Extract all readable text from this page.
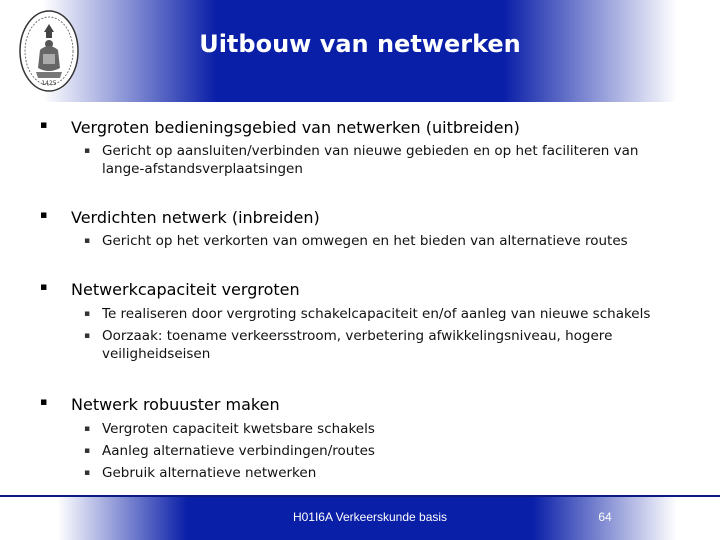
1425
Uitbouw van netwerken
▪ Vergroten bedieningsgebied van netwerken (uitbreiden)
▪ Gericht op aansluiten/verbinden van nieuwe gebieden en op het faciliteren van lange-afstandsverplaatsingen
▪ Verdichten netwerk (inbreiden)
▪ Gericht op het verkorten van omwegen en het bieden van alternatieve routes
▪ Netwerkcapaciteit vergroten
▪ Te realiseren door vergroting schakelcapaciteit en/of aanleg van nieuwe schakels
▪ Oorzaak: toename verkeersstroom, verbetering afwikkelingsniveau, hogere veiligheidseisen
▪ Netwerk robuuster maken
▪ Vergroten capaciteit kwetsbare schakels
▪ Aanleg alternatieve verbindingen/routes
▪ Gebruik alternatieve netwerken
H01I6A Verkeerskunde basis	64
